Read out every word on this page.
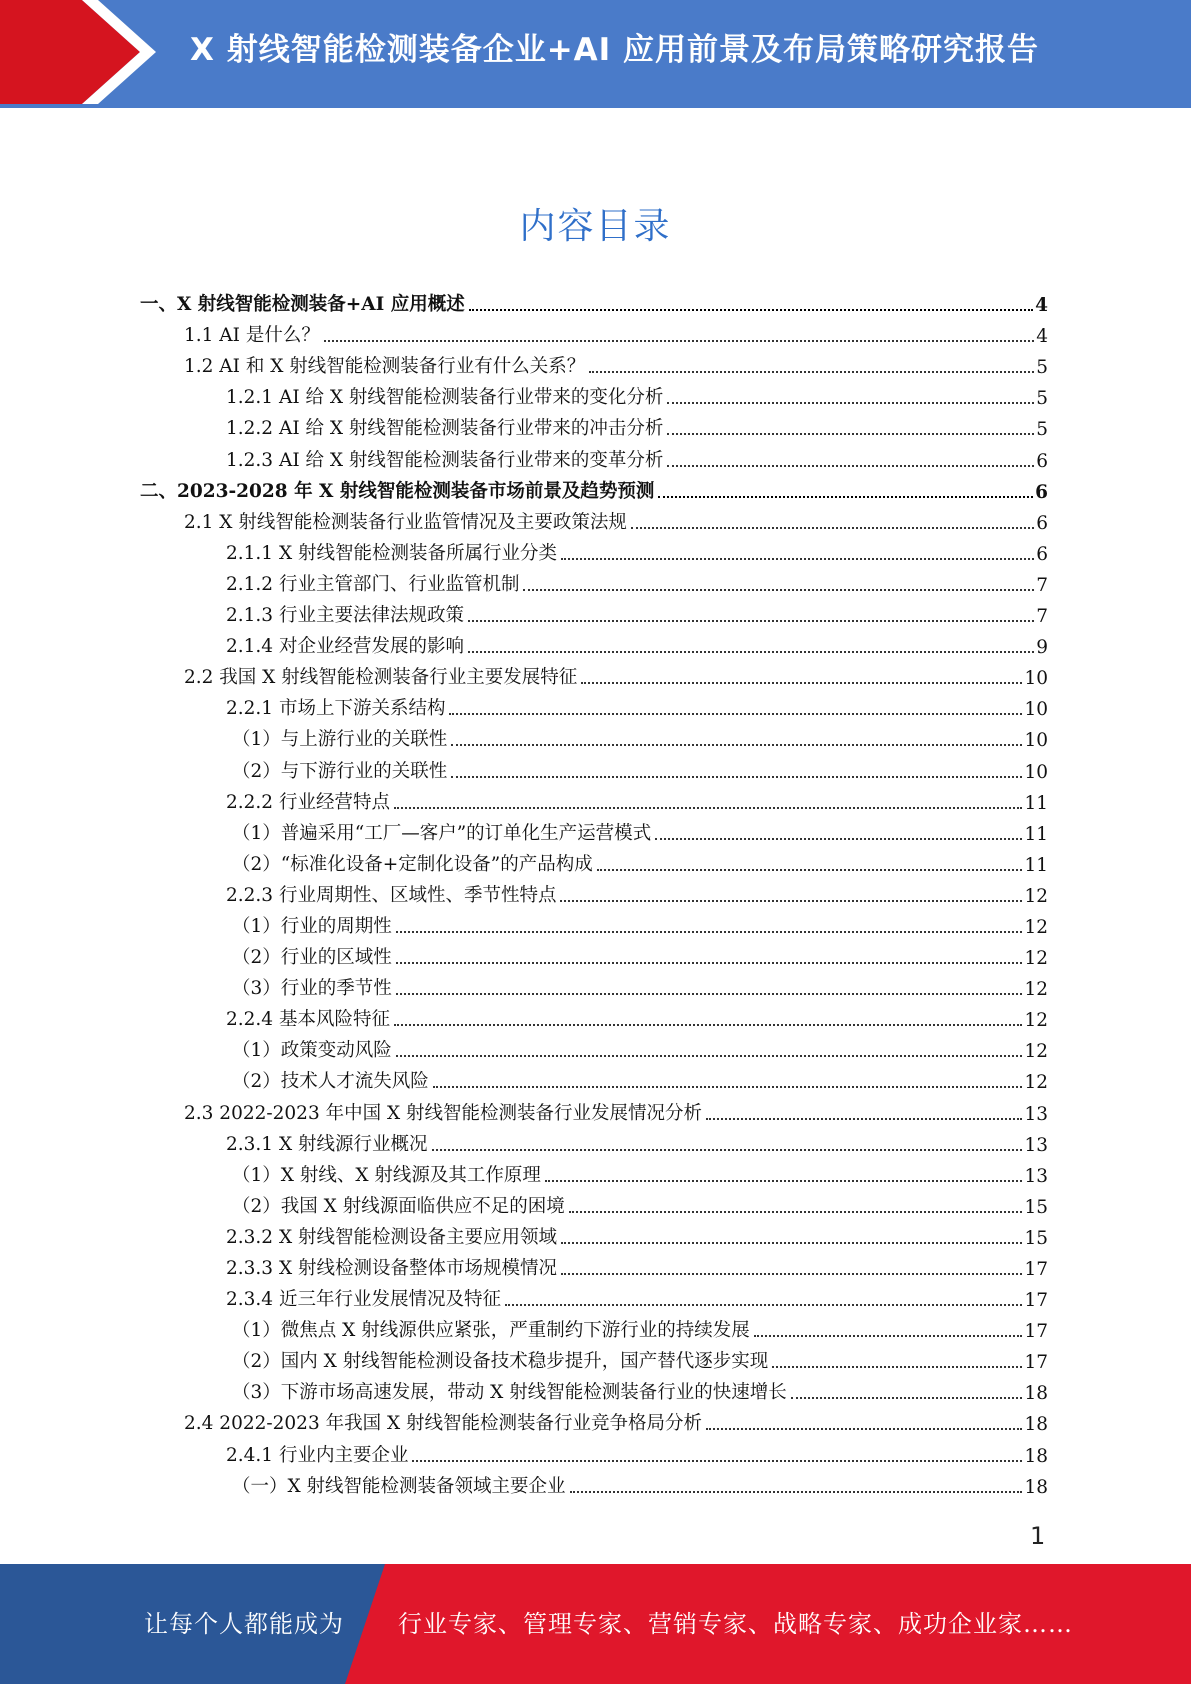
X 射线智能检测装备企业+AI 应用前景及布局策略研究报告
内容目录
一、X 射线智能检测装备+AI 应用概述	4
1.1 AI 是什么？	4
1.2 AI 和 X 射线智能检测装备行业有什么关系？	5
1.2.1 AI 给 X 射线智能检测装备行业带来的变化分析	5
1.2.2 AI 给 X 射线智能检测装备行业带来的冲击分析	5
1.2.3 AI 给 X 射线智能检测装备行业带来的变革分析	6
二、2023-2028 年 X 射线智能检测装备市场前景及趋势预测	6
2.1 X 射线智能检测装备行业监管情况及主要政策法规	6
2.1.1 X 射线智能检测装备所属行业分类	6
2.1.2 行业主管部门、行业监管机制	7
2.1.3 行业主要法律法规政策	7
2.1.4 对企业经营发展的影响	9
2.2 我国 X 射线智能检测装备行业主要发展特征	10
2.2.1 市场上下游关系结构	10
（1）与上游行业的关联性	10
（2）与下游行业的关联性	10
2.2.2 行业经营特点	11
（1）普遍采用“工厂—客户”的订单化生产运营模式	11
（2）“标准化设备+定制化设备”的产品构成	11
2.2.3 行业周期性、区域性、季节性特点	12
（1）行业的周期性	12
（2）行业的区域性	12
（3）行业的季节性	12
2.2.4 基本风险特征	12
（1）政策变动风险	12
（2）技术人才流失风险	12
2.3 2022-2023 年中国 X 射线智能检测装备行业发展情况分析	13
2.3.1 X 射线源行业概况	13
（1）X 射线、X 射线源及其工作原理	13
（2）我国 X 射线源面临供应不足的困境	15
2.3.2 X 射线智能检测设备主要应用领域	15
2.3.3 X 射线检测设备整体市场规模情况	17
2.3.4 近三年行业发展情况及特征	17
（1）微焦点 X 射线源供应紧张，严重制约下游行业的持续发展	17
（2）国内 X 射线智能检测设备技术稳步提升，国产替代逐步实现	17
（3）下游市场高速发展，带动 X 射线智能检测装备行业的快速增长	18
2.4 2022-2023 年我国 X 射线智能检测装备行业竞争格局分析	18
2.4.1 行业内主要企业	18
（一）X 射线智能检测装备领域主要企业	18
1
让每个人都能成为 行业专家、管理专家、营销专家、战略专家、成功企业家……
